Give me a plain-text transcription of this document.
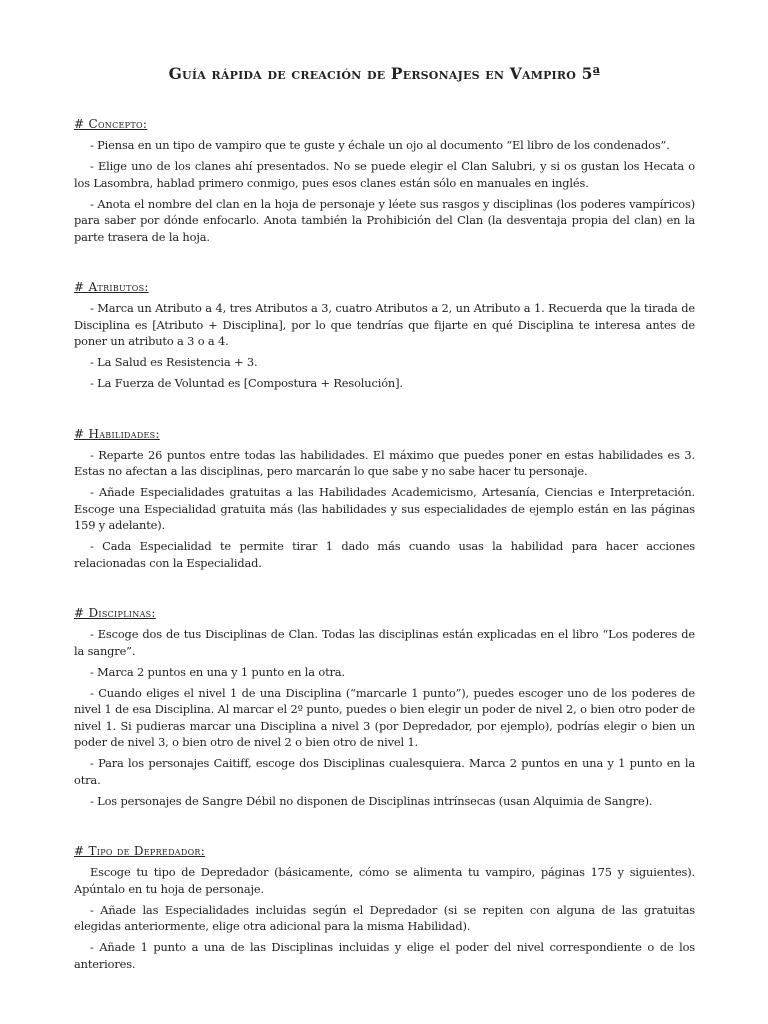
Guía rápida de creación de Personajes en Vampiro 5ª
# Concepto:

- Piensa en un tipo de vampiro que te guste y échale un ojo al documento “El libro de los condenados”.

- Elige uno de los clanes ahí presentados. No se puede elegir el Clan Salubri, y si os gustan los Hecata o los Lasombra, hablad primero conmigo, pues esos clanes están sólo en manuales en inglés.

- Anota el nombre del clan en la hoja de personaje y léete sus rasgos y disciplinas (los poderes vampíricos) para saber por dónde enfocarlo. Anota también la Prohibición del Clan (la desventaja propia del clan) en la parte trasera de la hoja.

# Atributos:

- Marca un Atributo a 4, tres Atributos a 3, cuatro Atributos a 2, un Atributo a 1. Recuerda que la tirada de Disciplina es [Atributo + Disciplina], por lo que tendrías que fijarte en qué Disciplina te interesa antes de poner un atributo a 3 o a 4.

- La Salud es Resistencia + 3.

- La Fuerza de Voluntad es [Compostura + Resolución].

# Habilidades:

- Reparte 26 puntos entre todas las habilidades. El máximo que puedes poner en estas habilidades es 3. Estas no afectan a las disciplinas, pero marcarán lo que sabe y no sabe hacer tu personaje.

- Añade Especialidades gratuitas a las Habilidades Academicismo, Artesanía, Ciencias e Interpretación. Escoge una Especialidad gratuita más (las habilidades y sus especialidades de ejemplo están en las páginas 159 y adelante).

- Cada Especialidad te permite tirar 1 dado más cuando usas la habilidad para hacer acciones relacionadas con la Especialidad.

# Disciplinas:

- Escoge dos de tus Disciplinas de Clan. Todas las disciplinas están explicadas en el libro “Los poderes de la sangre”.

- Marca 2 puntos en una y 1 punto en la otra.

- Cuando eliges el nivel 1 de una Disciplina (“marcarle 1 punto”), puedes escoger uno de los poderes de nivel 1 de esa Disciplina. Al marcar el 2º punto, puedes o bien elegir un poder de nivel 2, o bien otro poder de nivel 1. Si pudieras marcar una Disciplina a nivel 3 (por Depredador, por ejemplo), podrías elegir o bien un poder de nivel 3, o bien otro de nivel 2 o bien otro de nivel 1.

- Para los personajes Caitiff, escoge dos Disciplinas cualesquiera. Marca 2 puntos en una y 1 punto en la otra.

- Los personajes de Sangre Débil no disponen de Disciplinas intrínsecas (usan Alquimia de Sangre).

# Tipo de Depredador:

Escoge tu tipo de Depredador (básicamente, cómo se alimenta tu vampiro, páginas 175 y siguientes). Apúntalo en tu hoja de personaje.

- Añade las Especialidades incluidas según el Depredador (si se repiten con alguna de las gratuitas elegidas anteriormente, elige otra adicional para la misma Habilidad).

- Añade 1 punto a una de las Disciplinas incluidas y elige el poder del nivel correspondiente o de los anteriores.
